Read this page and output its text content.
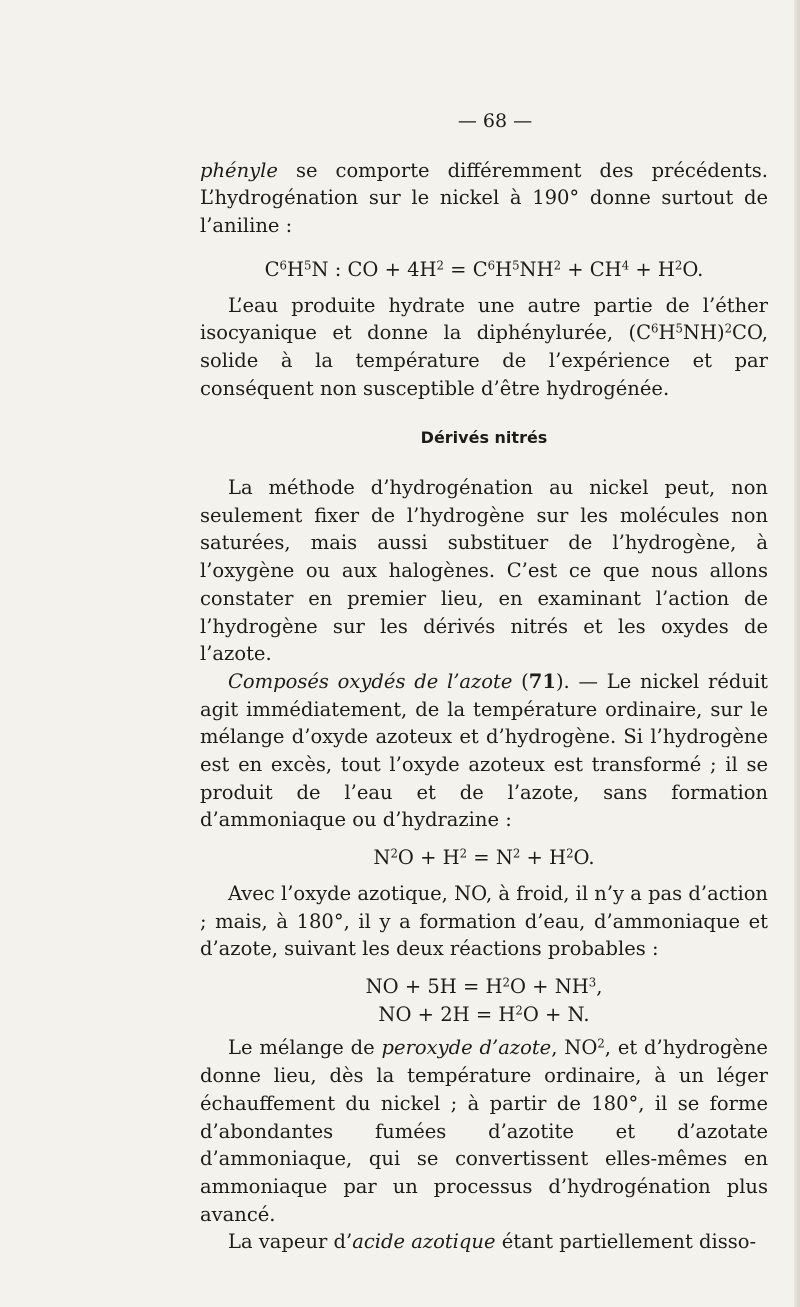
— 68 —

phényle se comporte différemment des précédents. L’hydrogénation sur le nickel à 190° donne surtout de l’aniline :

$C^6H^5N$ : CO + $4H^2 = C^6H^5NH^2 + CH^4 + H^2O$.

L’eau produite hydrate une autre partie de l’éther isocyanique et donne la diphénylurée, $(C^6H^5NH)^2CO$, solide à la température de l’expérience et par conséquent non susceptible d’être hydrogénée.

Dérivés nitrés

La méthode d’hydrogénation au nickel peut, non seulement fixer de l’hydrogène sur les molécules non saturées, mais aussi substituer de l’hydrogène, à l’oxygène ou aux halogènes. C’est ce que nous allons constater en premier lieu, en examinant l’action de l’hydrogène sur les dérivés nitrés et les oxydes de l’azote.

Composés oxydés de l’azote (71). — Le nickel réduit agit immédiatement, de la température ordinaire, sur le mélange d’oxyde azoteux et d’hydrogène. Si l’hydrogène est en excès, tout l’oxyde azoteux est transformé ; il se produit de l’eau et de l’azote, sans formation d’ammoniaque ou d’hydrazine :

$N^2O + H^2 = N^2 + H^2O$.

Avec l’oxyde azotique, NO, à froid, il n’y a pas d’action ; mais, à 180°, il y a formation d’eau, d’ammoniaque et d’azote, suivant les deux réactions probables :

NO + $5H = H^2O + NH^3$,

NO + $2H = H^2O + N$.

Le mélange de peroxyde d’azote, $NO^2$, et d’hydrogène donne lieu, dès la température ordinaire, à un léger échauffement du nickel ; à partir de 180°, il se forme d’abondantes fumées d’azotite et d’azotate d’ammoniaque, qui se convertissent elles-mêmes en ammoniaque par un processus d’hydrogénation plus avancé.

La vapeur d’acide azotique étant partiellement disso-
